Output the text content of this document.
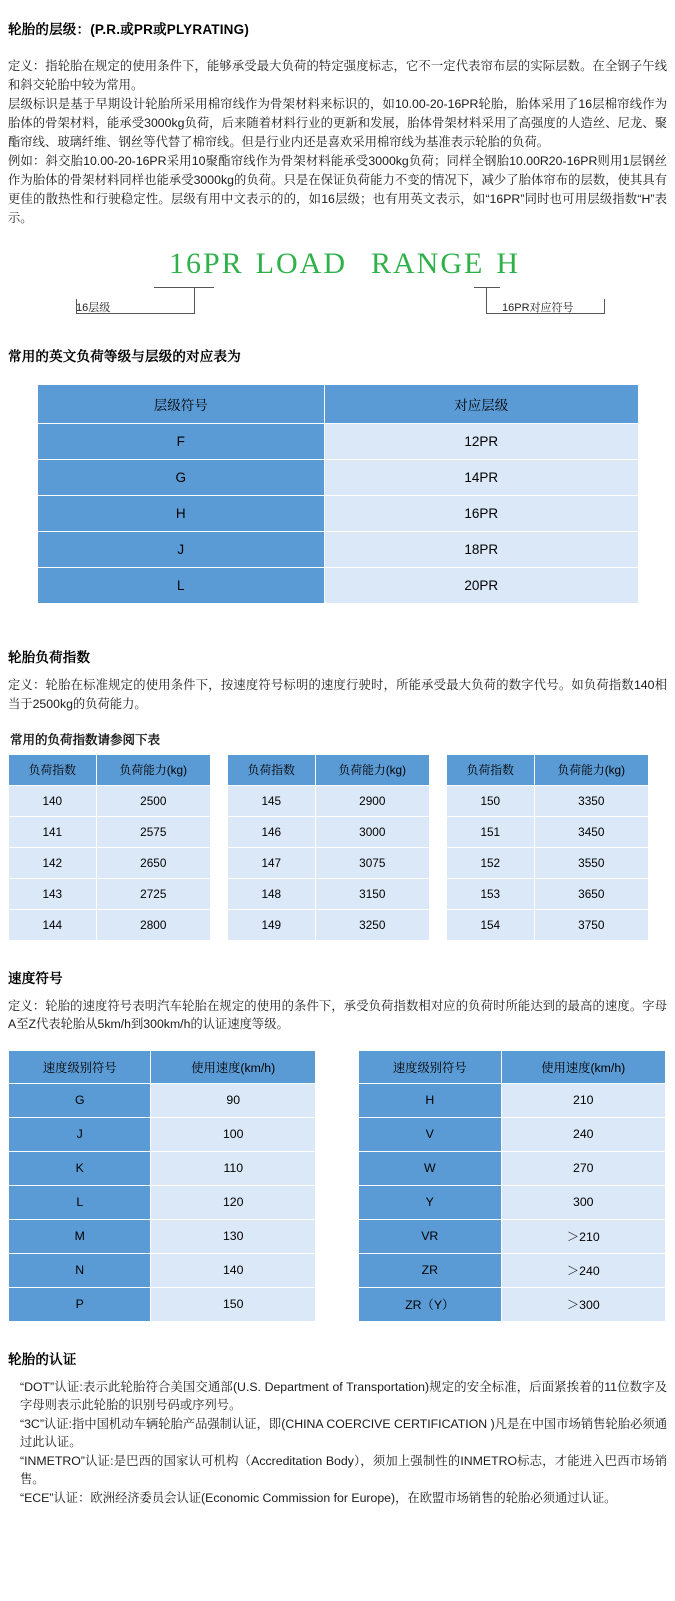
轮胎的层级：(P.R.或PR或PLYRATING)

定义：指轮胎在规定的使用条件下，能够承受最大负荷的特定强度标志，它不一定代表帘布层的实际层数。在全钢子午线和斜交轮胎中较为常用。

层级标识是基于早期设计轮胎所采用棉帘线作为骨架材料来标识的，如10.00-20-16PR轮胎，胎体采用了16层棉帘线作为胎体的骨架材料，能承受3000kg负荷，后来随着材料行业的更新和发展，胎体骨架材料采用了高强度的人造丝、尼龙、聚酯帘线、玻璃纤维、钢丝等代替了棉帘线。但是行业内还是喜欢采用棉帘线为基准表示轮胎的负荷。

例如：斜交胎10.00-20-16PR采用10聚酯帘线作为骨架材料能承受3000kg负荷；同样全钢胎10.00R20-16PR则用1层钢丝作为胎体的骨架材料同样也能承受3000kg的负荷。只是在保证负荷能力不变的情况下，减少了胎体帘布的层数，使其具有更佳的散热性和行驶稳定性。层级有用中文表示的的，如16层级；也有用英文表示，如“16PR”同时也可用层级指数“H”表示。

16PR LOAD RANGE H
16层级	16PR对应符号
常用的英文负荷等级与层级的对应表为
层级符号	对应层级
F	12PR
G	14PR
H	16PR
J	18PR
L	20PR
轮胎负荷指数

定义：轮胎在标准规定的使用条件下，按速度符号标明的速度行驶时，所能承受最大负荷的数字代号。如负荷指数140相当于2500kg的负荷能力。

常用的负荷指数请参阅下表

负荷指数	负荷能力(kg)
140	2500
141	2575
142	2650
143	2725
144	2800
负荷指数	负荷能力(kg)
145	2900
146	3000
147	3075
148	3150
149	3250
负荷指数	负荷能力(kg)
150	3350
151	3450
152	3550
153	3650
154	3750
速度符号

定义：轮胎的速度符号表明汽车轮胎在规定的使用的条件下，承受负荷指数相对应的负荷时所能达到的最高的速度。字母A至Z代表轮胎从5km/h到300km/h的认证速度等级。

速度级别符号	使用速度(km/h)
G	90
J	100
K	110
L	120
M	130
N	140
P	150
速度级别符号	使用速度(km/h)
H	210
V	240
W	270
Y	300
VR	＞210
ZR	＞240
ZR（Y）	＞300
轮胎的认证

“DOT”认证:表示此轮胎符合美国交通部(U.S. Department of Transportation)规定的安全标准，后面紧挨着的11位数字及字母则表示此轮胎的识别号码或序列号。

“3C”认证:指中国机动车辆轮胎产品强制认证，即(CHINA COERCIVE CERTIFICATION )凡是在中国市场销售轮胎必须通过此认证。

“INMETRO”认证:是巴西的国家认可机构（Accreditation Body），须加上强制性的INMETRO标志，才能进入巴西市场销售。

“ECE”认证：欧洲经济委员会认证(Economic Commission for Europe)，在欧盟市场销售的轮胎必须通过认证。
